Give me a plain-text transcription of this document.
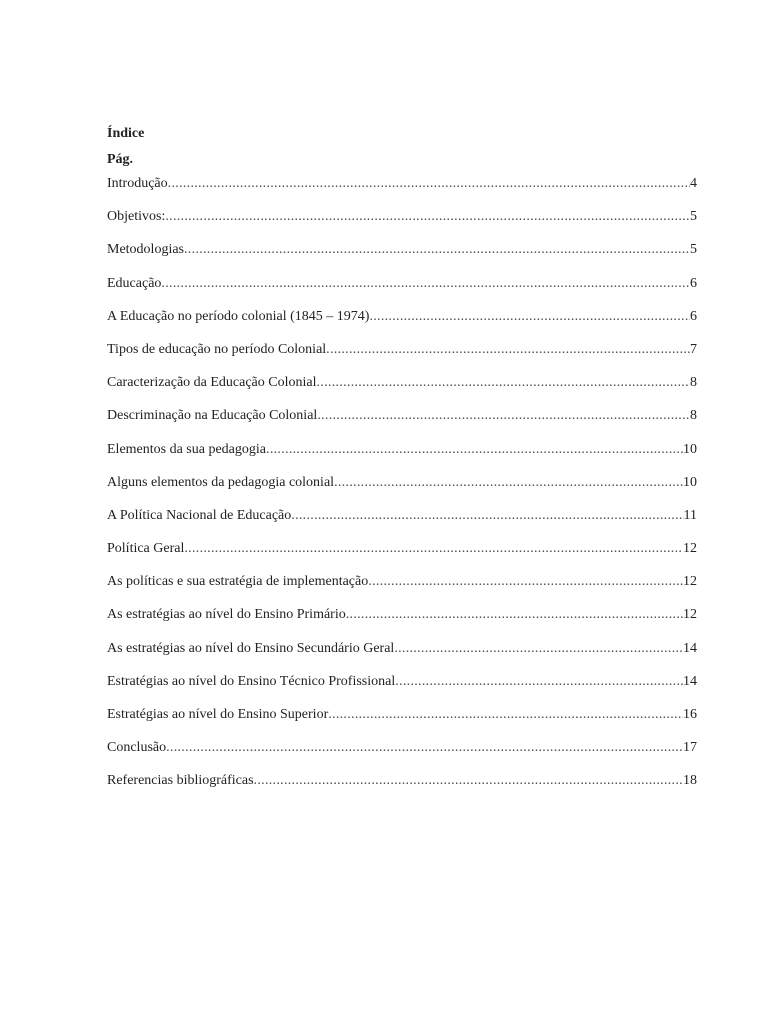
Índice
Pág.
Introdução .....	4
Objetivos: .....	5
Metodologias .....	5
Educação .....	6
A Educação no período colonial (1845 – 1974) .....	6
Tipos de educação no período Colonial .....	7
Caracterização da Educação Colonial .....	8
Descriminação na Educação Colonial .....	8
Elementos da sua pedagogia .....	10
Alguns elementos da pedagogia colonial .....	10
A Política Nacional de Educação .....	11
Política Geral .....	12
As políticas e sua estratégia de implementação .....	12
As estratégias ao nível do Ensino Primário .....	12
As estratégias ao nível do Ensino Secundário Geral .....	14
Estratégias ao nível do Ensino Técnico Profissional .....	14
Estratégias ao nível do Ensino Superior .....	16
Conclusão .....	17
Referencias bibliográficas .....	18
